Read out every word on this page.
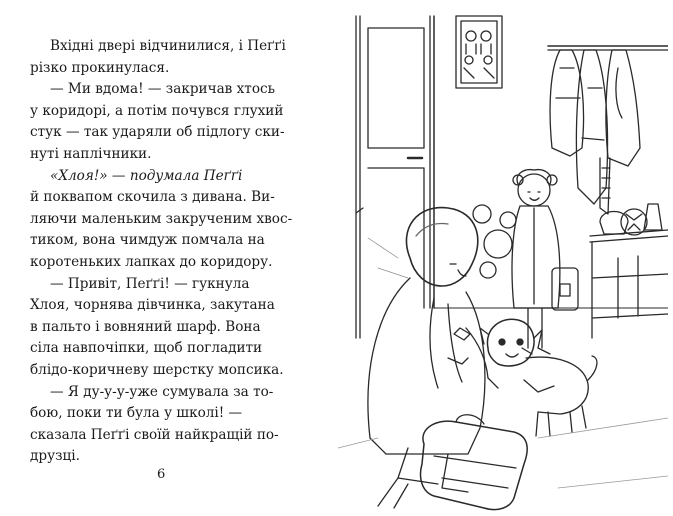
Вхідні двері відчинилися, і Пеґґі
різко прокинулася.

— Ми вдома! — закричав хтось
у коридорі, а потім почувся глухий
стук — так ударяли об підлогу ски-
нуті наплічники.

«Хлоя!» — подумала Пеґґі
й поквапом скочила з дивана. Ви-
ляючи маленьким закрученим хвос-
тиком, вона чимдуж помчала на
коротеньких лапках до коридору.

— Привіт, Пеґґі! — гукнула
Хлоя, чорнява дівчинка, закутана
в пальто і вовняний шарф. Вона
сіла навпочіпки, щоб погладити
блідо-коричневу шерстку мопсика.

— Я ду-у-у-уже сумувала за то-
бою, поки ти була у школі! —
сказала Пеґґі своїй найкращій по-
друзці.

6
